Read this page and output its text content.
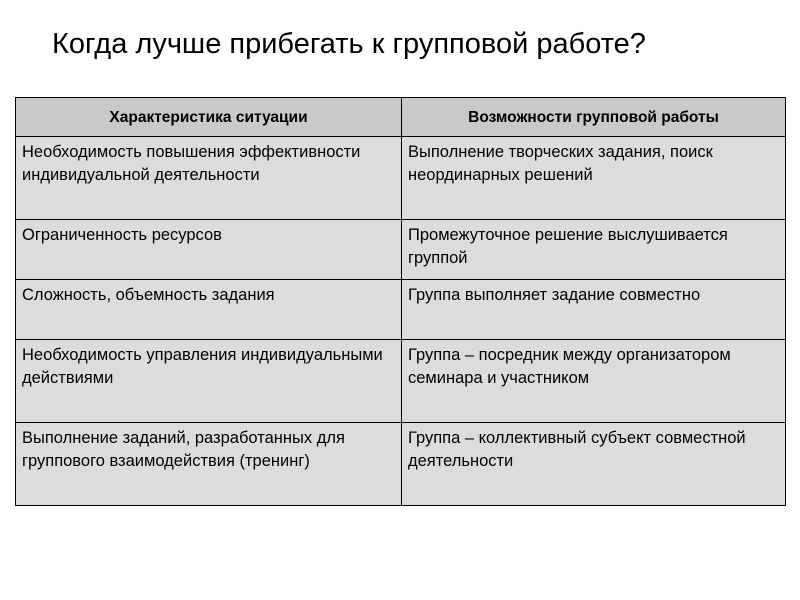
Когда лучше прибегать к групповой работе?
Характеристика ситуации	Возможности групповой работы
Необходимость повышения эффективности индивидуальной деятельности	Выполнение творческих задания, поиск неординарных решений
Ограниченность ресурсов	Промежуточное решение выслушивается группой
Сложность, объемность задания	Группа выполняет задание совместно
Необходимость управления индивидуальными действиями	Группа – посредник между организатором семинара и участником
Выполнение заданий, разработанных для группового взаимодействия (тренинг)	Группа – коллективный субъект совместной деятельности
